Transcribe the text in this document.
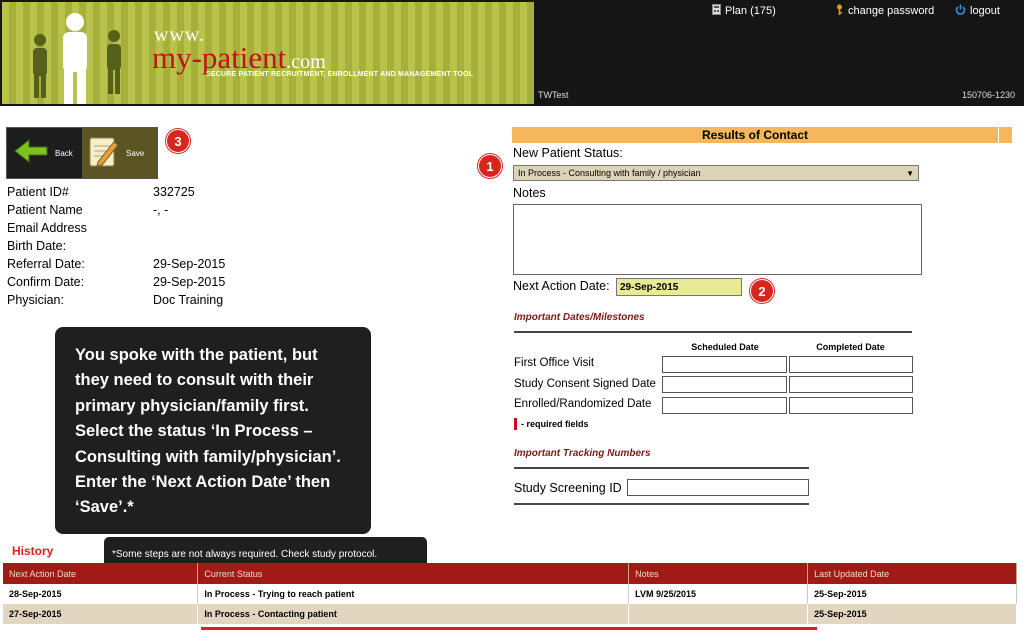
www.
my-patient.com
SECURE PATIENT RECRUITMENT, ENROLLMENT AND MANAGEMENT TOOL
Plan (175)	change password	logout
TWTest	150706-1230
Back	Save
3
Patient ID#	332725
Patient Name	-, -
Email Address
Birth Date:
Referral Date:	29-Sep-2015
Confirm Date:	29-Sep-2015
Physician:	Doc Training
You spoke with the patient, but they need to consult with their primary physician/family first. Select the status ‘In Process – Consulting with family/physician’. Enter the ‘Next Action Date’ then ‘Save’.*
*Some steps are not always required. Check study protocol.
Results of Contact
New Patient Status:
1	In Process - Consulting with family / physician	▼
Notes
Next Action Date:
29-Sep-2015	2
Important Dates/Milestones
Scheduled Date	Completed Date
First Office Visit
Study Consent Signed Date
Enrolled/Randomized Date
- required fields
Important Tracking Numbers
Study Screening ID
History
Next Action Date	Current Status	Notes	Last Updated Date
28-Sep-2015	In Process - Trying to reach patient	LVM 9/25/2015	25-Sep-2015
27-Sep-2015	In Process - Contacting patient		25-Sep-2015
